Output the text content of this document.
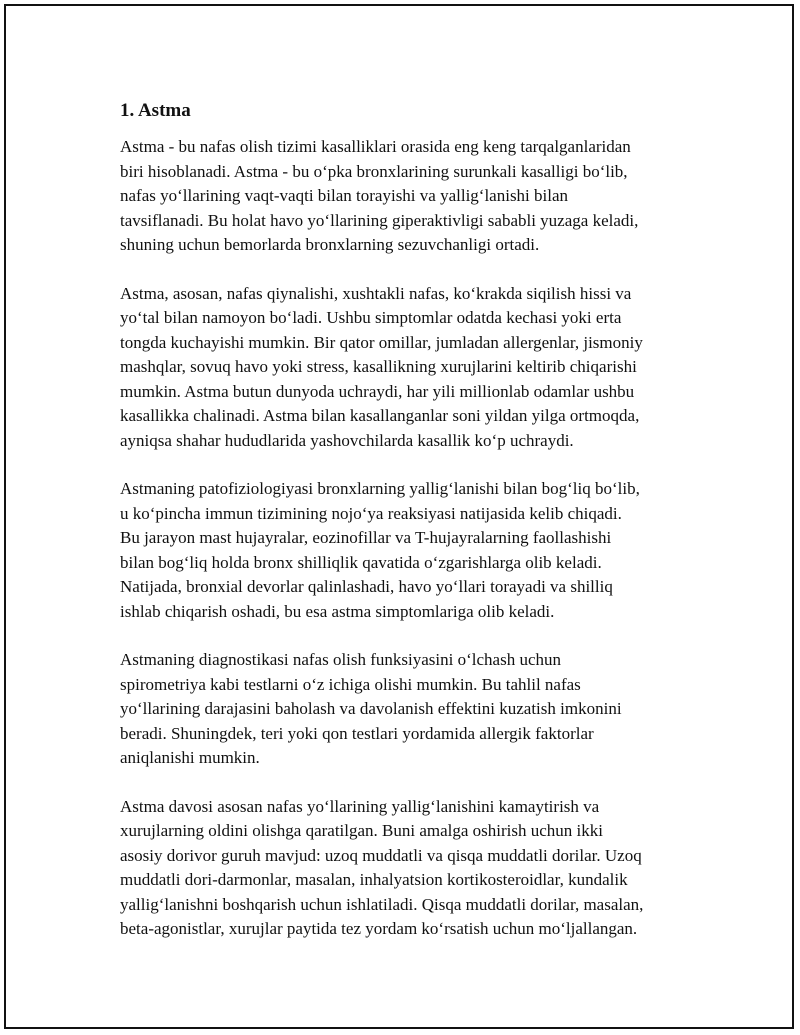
1. Astma
Astma - bu nafas olish tizimi kasalliklari orasida eng keng tarqalganlaridan
biri hisoblanadi. Astma - bu o‘pka bronxlarining surunkali kasalligi bo‘lib,
nafas yo‘llarining vaqt-vaqti bilan torayishi va yallig‘lanishi bilan
tavsiflanadi. Bu holat havo yo‘llarining giperaktivligi sababli yuzaga keladi,
shuning uchun bemorlarda bronxlarning sezuvchanligi ortadi.
Astma, asosan, nafas qiynalishi, xushtakli nafas, ko‘krakda siqilish hissi va
yo‘tal bilan namoyon bo‘ladi. Ushbu simptomlar odatda kechasi yoki erta
tongda kuchayishi mumkin. Bir qator omillar, jumladan allergenlar, jismoniy
mashqlar, sovuq havo yoki stress, kasallikning xurujlarini keltirib chiqarishi
mumkin. Astma butun dunyoda uchraydi, har yili millionlab odamlar ushbu
kasallikka chalinadi. Astma bilan kasallanganlar soni yildan yilga ortmoqda,
ayniqsa shahar hududlarida yashovchilarda kasallik ko‘p uchraydi.
Astmaning patofiziologiyasi bronxlarning yallig‘lanishi bilan bog‘liq bo‘lib,
u ko‘pincha immun tizimining nojo‘ya reaksiyasi natijasida kelib chiqadi.
Bu jarayon mast hujayralar, eozinofillar va T-hujayralarning faollashishi
bilan bog‘liq holda bronx shilliqlik qavatida o‘zgarishlarga olib keladi.
Natijada, bronxial devorlar qalinlashadi, havo yo‘llari torayadi va shilliq
ishlab chiqarish oshadi, bu esa astma simptomlariga olib keladi.
Astmaning diagnostikasi nafas olish funksiyasini o‘lchash uchun
spirometriya kabi testlarni o‘z ichiga olishi mumkin. Bu tahlil nafas
yo‘llarining darajasini baholash va davolanish effektini kuzatish imkonini
beradi. Shuningdek, teri yoki qon testlari yordamida allergik faktorlar
aniqlanishi mumkin.
Astma davosi asosan nafas yo‘llarining yallig‘lanishini kamaytirish va
xurujlarning oldini olishga qaratilgan. Buni amalga oshirish uchun ikki
asosiy dorivor guruh mavjud: uzoq muddatli va qisqa muddatli dorilar. Uzoq
muddatli dori-darmonlar, masalan, inhalyatsion kortikosteroidlar, kundalik
yallig‘lanishni boshqarish uchun ishlatiladi. Qisqa muddatli dorilar, masalan,
beta-agonistlar, xurujlar paytida tez yordam ko‘rsatish uchun mo‘ljallangan.
